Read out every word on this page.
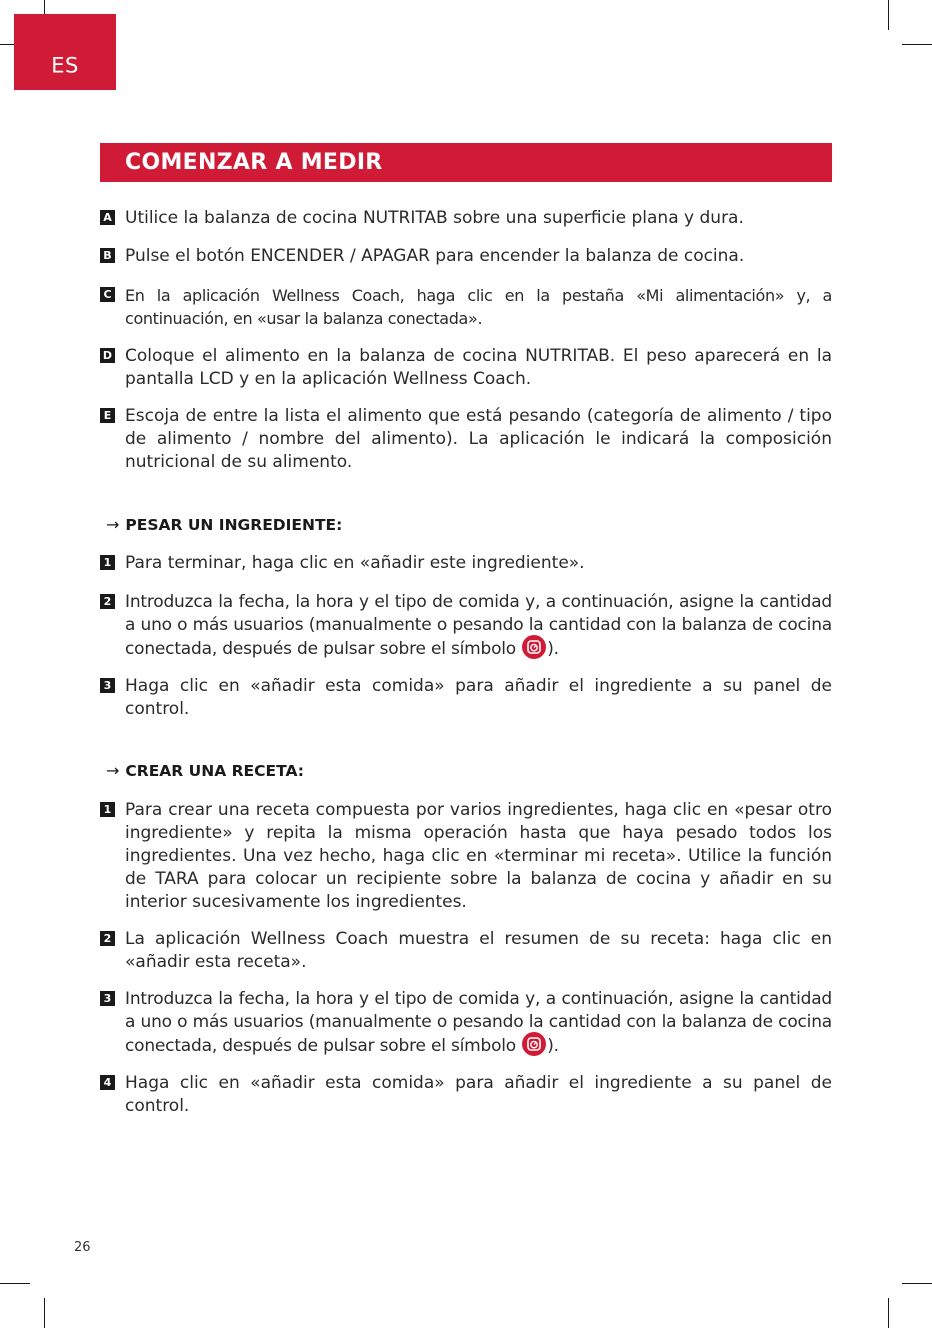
ES
COMENZAR A MEDIR
A Utilice la balanza de cocina NUTRITAB sobre una superficie plana y dura.
B Pulse el botón ENCENDER / APAGAR para encender la balanza de cocina.
C En la aplicación Wellness Coach, haga clic en la pestaña «Mi alimentación» y, a continuación, en «usar la balanza conectada».
D Coloque el alimento en la balanza de cocina NUTRITAB. El peso aparecerá en la pantalla LCD y en la aplicación Wellness Coach.
E Escoja de entre la lista el alimento que está pesando (categoría de alimento / tipo de alimento / nombre del alimento). La aplicación le indicará la composición nutricional de su alimento.
→ PESAR UN INGREDIENTE:
1 Para terminar, haga clic en «añadir este ingrediente».
2 Introduzca la fecha, la hora y el tipo de comida y, a continuación, asigne la cantidad a uno o más usuarios (manualmente o pesando la cantidad con la balanza de cocina conectada, después de pulsar sobre el símbolo ).
3 Haga clic en «añadir esta comida» para añadir el ingrediente a su panel de control.
→ CREAR UNA RECETA:
1 Para crear una receta compuesta por varios ingredientes, haga clic en «pesar otro ingrediente» y repita la misma operación hasta que haya pesado todos los ingredientes. Una vez hecho, haga clic en «terminar mi receta». Utilice la función de TARA para colocar un recipiente sobre la balanza de cocina y añadir en su interior sucesivamente los ingredientes.
2 La aplicación Wellness Coach muestra el resumen de su receta: haga clic en «añadir esta receta».
3 Introduzca la fecha, la hora y el tipo de comida y, a continuación, asigne la cantidad a uno o más usuarios (manualmente o pesando la cantidad con la balanza de cocina conectada, después de pulsar sobre el símbolo ).
4 Haga clic en «añadir esta comida» para añadir el ingrediente a su panel de control.
26
